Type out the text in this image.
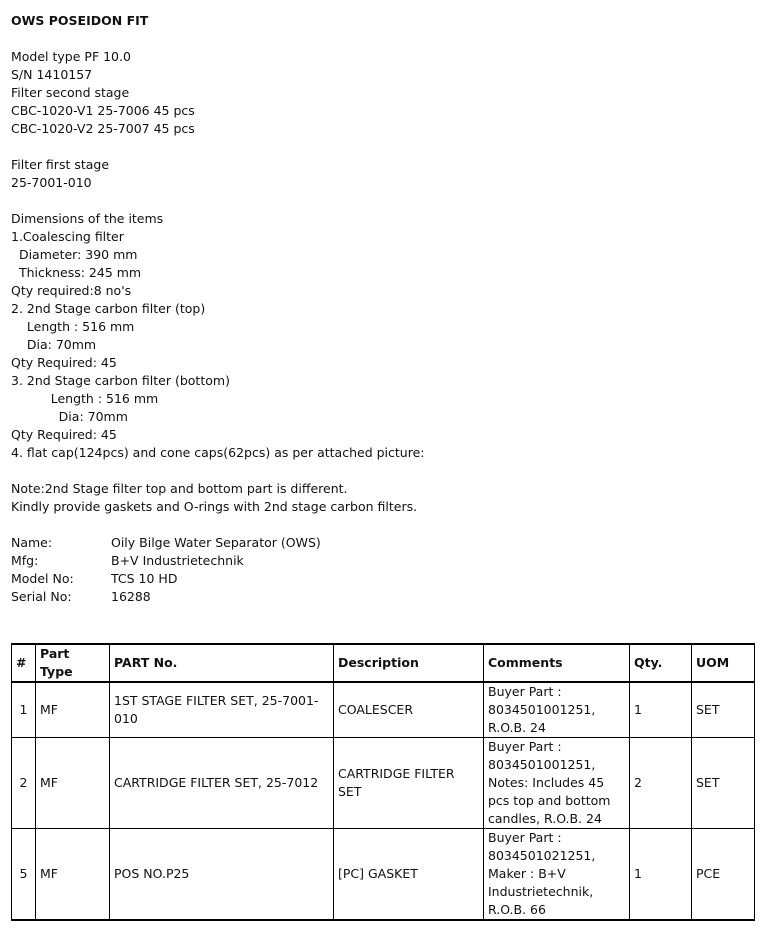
OWS POSEIDON FIT
Model type PF 10.0
S/N 1410157
Filter second stage
CBC-1020-V1 25-7006 45 pcs
CBC-1020-V2 25-7007 45 pcs
Filter first stage
25-7001-010
Dimensions of the items
1.Coalescing filter
Diameter: 390 mm
Thickness: 245 mm
Qty required:8 no's
2. 2nd Stage carbon filter (top)
Length : 516 mm
Dia: 70mm
Qty Required: 45
3. 2nd Stage carbon filter (bottom)
Length : 516 mm
Dia: 70mm
Qty Required: 45
4. flat cap(124pcs) and cone caps(62pcs) as per attached picture:
Note:2nd Stage filter top and bottom part is different.
Kindly provide gaskets and O-rings with 2nd stage carbon filters.
Name:	Oily Bilge Water Separator (OWS)
Mfg:	B+V Industrietechnik
Model No:	TCS 10 HD
Serial No:	16288
#	Part Type	PART No.	Description	Comments	Qty.	UOM
1	MF	1ST STAGE FILTER SET, 25-7001-010	COALESCER	Buyer Part :
8034501001251,
R.O.B. 24	1	SET
2	MF	CARTRIDGE FILTER SET, 25-7012	CARTRIDGE FILTER SET	Buyer Part :
8034501001251,
Notes: Includes 45
pcs top and bottom
candles, R.O.B. 24	2	SET
5	MF	POS NO.P25	[PC] GASKET	Buyer Part :
8034501021251,
Maker : B+V
Industrietechnik,
R.O.B. 66	1	PCE
